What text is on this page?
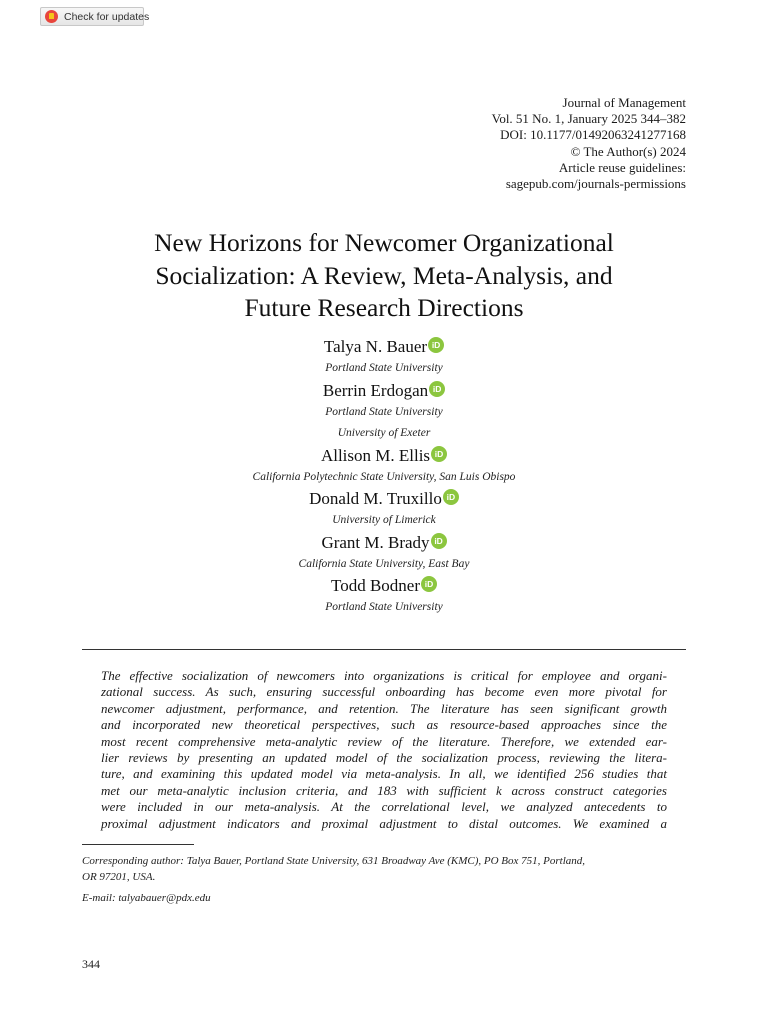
Check for updates
Journal of Management
Vol. 51 No. 1, January 2025 344–382
DOI: 10.1177/01492063241277168
© The Author(s) 2024
Article reuse guidelines:
sagepub.com/journals-permissions
New Horizons for Newcomer Organizational
Socialization: A Review, Meta-Analysis, and
Future Research Directions
Talya N. Bauer iD
Portland State University
Berrin Erdogan iD
Portland State University
University of Exeter
Allison M. Ellis iD
California Polytechnic State University, San Luis Obispo
Donald M. Truxillo iD
University of Limerick
Grant M. Brady iD
California State University, East Bay
Todd Bodner iD
Portland State University
The effective socialization of newcomers into organizations is critical for employee and organi-
zational success. As such, ensuring successful onboarding has become even more pivotal for
newcomer adjustment, performance, and retention. The literature has seen significant growth
and incorporated new theoretical perspectives, such as resource-based approaches since the
most recent comprehensive meta-analytic review of the literature. Therefore, we extended ear-
lier reviews by presenting an updated model of the socialization process, reviewing the litera-
ture, and examining this updated model via meta-analysis. In all, we identified 256 studies that
met our meta-analytic inclusion criteria, and 183 with sufficient k across construct categories
were included in our meta-analysis. At the correlational level, we analyzed antecedents to
proximal adjustment indicators and proximal adjustment to distal outcomes. We examined a
Corresponding author: Talya Bauer, Portland State University, 631 Broadway Ave (KMC), PO Box 751, Portland,
OR 97201, USA.
E-mail: talyabauer@pdx.edu
344
